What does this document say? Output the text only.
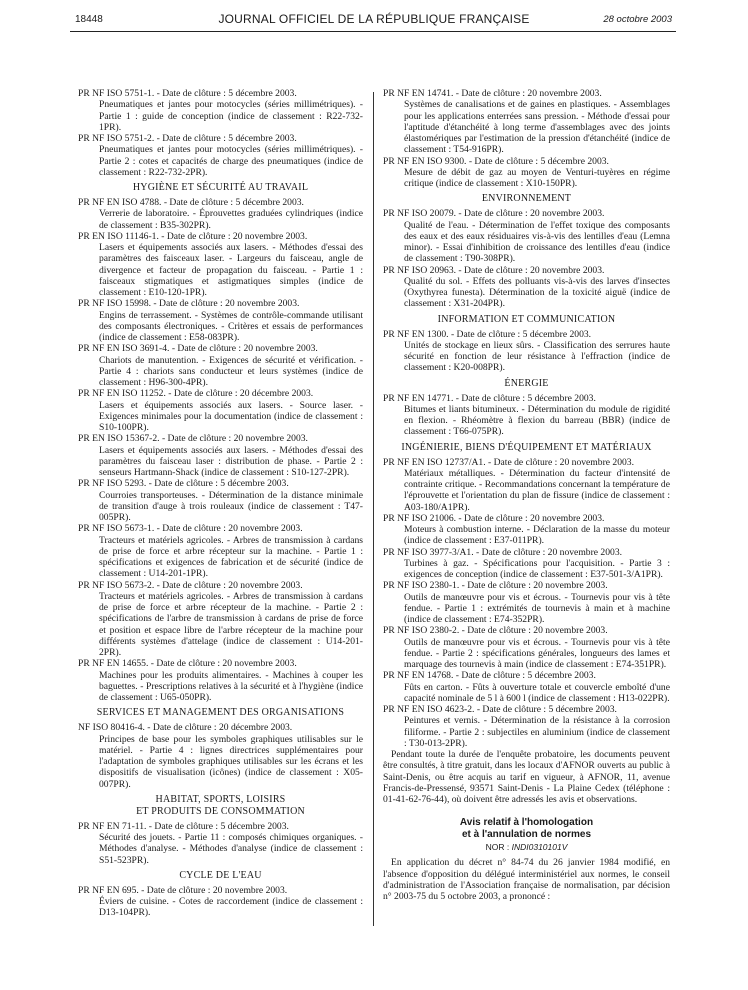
18448	JOURNAL OFFICIEL DE LA RÉPUBLIQUE FRANÇAISE	28 octobre 2003
PR NF ISO 5751-1. - Date de clôture : 5 décembre 2003.
Pneumatiques et jantes pour motocycles (séries millimétriques). - Partie 1 : guide de conception (indice de classement : R22-732-1PR).
PR NF ISO 5751-2. - Date de clôture : 5 décembre 2003.
Pneumatiques et jantes pour motocycles (séries millimétriques). - Partie 2 : cotes et capacités de charge des pneumatiques (indice de classement : R22-732-2PR).
HYGIÈNE ET SÉCURITÉ AU TRAVAIL
PR NF EN ISO 4788. - Date de clôture : 5 décembre 2003.
Verrerie de laboratoire. - Éprouvettes graduées cylindriques (indice de classement : B35-302PR).
PR EN ISO 11146-1. - Date de clôture : 20 novembre 2003.
Lasers et équipements associés aux lasers. - Méthodes d'essai des paramètres des faisceaux laser. - Largeurs du faisceau, angle de divergence et facteur de propagation du faisceau. - Partie 1 : faisceaux stigmatiques et astigmatiques simples (indice de classement : E10-120-1PR).
PR NF ISO 15998. - Date de clôture : 20 novembre 2003.
Engins de terrassement. - Systèmes de contrôle-commande utilisant des composants électroniques. - Critères et essais de performances (indice de classement : E58-083PR).
PR NF EN ISO 3691-4. - Date de clôture : 20 novembre 2003.
Chariots de manutention. - Exigences de sécurité et vérification. - Partie 4 : chariots sans conducteur et leurs systèmes (indice de classement : H96-300-4PR).
PR NF EN ISO 11252. - Date de clôture : 20 décembre 2003.
Lasers et équipements associés aux lasers. - Source laser. - Exigences minimales pour la documentation (indice de classement : S10-100PR).
PR EN ISO 15367-2. - Date de clôture : 20 novembre 2003.
Lasers et équipements associés aux lasers. - Méthodes d'essai des paramètres du faisceau laser : distribution de phase. - Partie 2 : senseurs Hartmann-Shack (indice de classement : S10-127-2PR).
PR NF ISO 5293. - Date de clôture : 5 décembre 2003.
Courroies transporteuses. - Détermination de la distance minimale de transition d'auge à trois rouleaux (indice de classement : T47-005PR).
PR NF ISO 5673-1. - Date de clôture : 20 novembre 2003.
Tracteurs et matériels agricoles. - Arbres de transmission à cardans de prise de force et arbre récepteur sur la machine. - Partie 1 : spécifications et exigences de fabrication et de sécurité (indice de classement : U14-201-1PR).
PR NF ISO 5673-2. - Date de clôture : 20 novembre 2003.
Tracteurs et matériels agricoles. - Arbres de transmission à cardans de prise de force et arbre récepteur de la machine. - Partie 2 : spécifications de l'arbre de transmission à cardans de prise de force et position et espace libre de l'arbre récepteur de la machine pour différents systèmes d'attelage (indice de classement : U14-201-2PR).
PR NF EN 14655. - Date de clôture : 20 novembre 2003.
Machines pour les produits alimentaires. - Machines à couper les baguettes. - Prescriptions relatives à la sécurité et à l'hygiène (indice de classement : U65-050PR).
SERVICES ET MANAGEMENT DES ORGANISATIONS
NF ISO 80416-4. - Date de clôture : 20 décembre 2003.
Principes de base pour les symboles graphiques utilisables sur le matériel. - Partie 4 : lignes directrices supplémentaires pour l'adaptation de symboles graphiques utilisables sur les écrans et les dispositifs de visualisation (icônes) (indice de classement : X05-007PR).
HABITAT, SPORTS, LOISIRS
ET PRODUITS DE CONSOMMATION
PR NF EN 71-11. - Date de clôture : 5 décembre 2003.
Sécurité des jouets. - Partie 11 : composés chimiques organiques. - Méthodes d'analyse. - Méthodes d'analyse (indice de classement : S51-523PR).
CYCLE DE L'EAU
PR NF EN 695. - Date de clôture : 20 novembre 2003.
Éviers de cuisine. - Cotes de raccordement (indice de classement : D13-104PR).
PR NF EN 14741. - Date de clôture : 20 novembre 2003.
Systèmes de canalisations et de gaines en plastiques. - Assemblages pour les applications enterrées sans pression. - Méthode d'essai pour l'aptitude d'étanchéité à long terme d'assemblages avec des joints élastomériques par l'estimation de la pression d'étanchéité (indice de classement : T54-916PR).
PR NF EN ISO 9300. - Date de clôture : 5 décembre 2003.
Mesure de débit de gaz au moyen de Venturi-tuyères en régime critique (indice de classement : X10-150PR).
ENVIRONNEMENT
PR NF ISO 20079. - Date de clôture : 20 novembre 2003.
Qualité de l'eau. - Détermination de l'effet toxique des composants des eaux et des eaux résiduaires vis-à-vis des lentilles d'eau (Lemna minor). - Essai d'inhibition de croissance des lentilles d'eau (indice de classement : T90-308PR).
PR NF ISO 20963. - Date de clôture : 20 novembre 2003.
Qualité du sol. - Effets des polluants vis-à-vis des larves d'insectes (Oxythyrea funesta). Détermination de la toxicité aiguë (indice de classement : X31-204PR).
INFORMATION ET COMMUNICATION
PR NF EN 1300. - Date de clôture : 5 décembre 2003.
Unités de stockage en lieux sûrs. - Classification des serrures haute sécurité en fonction de leur résistance à l'effraction (indice de classement : K20-008PR).
ÉNERGIE
PR NF EN 14771. - Date de clôture : 5 décembre 2003.
Bitumes et liants bitumineux. - Détermination du module de rigidité en flexion. - Rhéomètre à flexion du barreau (BBR) (indice de classement : T66-075PR).
INGÉNIERIE, BIENS D'ÉQUIPEMENT ET MATÉRIAUX
PR NF EN ISO 12737/A1. - Date de clôture : 20 novembre 2003.
Matériaux métalliques. - Détermination du facteur d'intensité de contrainte critique. - Recommandations concernant la température de l'éprouvette et l'orientation du plan de fissure (indice de classement : A03-180/A1PR).
PR NF ISO 21006. - Date de clôture : 20 novembre 2003.
Moteurs à combustion interne. - Déclaration de la masse du moteur (indice de classement : E37-011PR).
PR NF ISO 3977-3/A1. - Date de clôture : 20 novembre 2003.
Turbines à gaz. - Spécifications pour l'acquisition. - Partie 3 : exigences de conception (indice de classement : E37-501-3/A1PR).
PR NF ISO 2380-1. - Date de clôture : 20 novembre 2003.
Outils de manœuvre pour vis et écrous. - Tournevis pour vis à tête fendue. - Partie 1 : extrémités de tournevis à main et à machine (indice de classement : E74-352PR).
PR NF ISO 2380-2. - Date de clôture : 20 novembre 2003.
Outils de manœuvre pour vis et écrous. - Tournevis pour vis à tête fendue. - Partie 2 : spécifications générales, longueurs des lames et marquage des tournevis à main (indice de classement : E74-351PR).
PR NF EN 14768. - Date de clôture : 5 décembre 2003.
Fûts en carton. - Fûts à ouverture totale et couvercle emboîté d'une capacité nominale de 5 l à 600 l (indice de classement : H13-022PR).
PR NF EN ISO 4623-2. - Date de clôture : 5 décembre 2003.
Peintures et vernis. - Détermination de la résistance à la corrosion filiforme. - Partie 2 : subjectiles en aluminium (indice de classement : T30-013-2PR).

Pendant toute la durée de l'enquête probatoire, les documents peuvent être consultés, à titre gratuit, dans les locaux d'AFNOR ouverts au public à Saint-Denis, ou être acquis au tarif en vigueur, à AFNOR, 11, avenue Francis-de-Pressensé, 93571 Saint-Denis - La Plaine Cedex (téléphone : 01-41-62-76-44), où doivent être adressés les avis et observations.

Avis relatif à l'homologation
et à l'annulation de normes
NOR : INDI0310101V

En application du décret n° 84-74 du 26 janvier 1984 modifié, en l'absence d'opposition du délégué interministériel aux normes, le conseil d'administration de l'Association française de normalisation, par décision n° 2003-75 du 5 octobre 2003, a prononcé :
